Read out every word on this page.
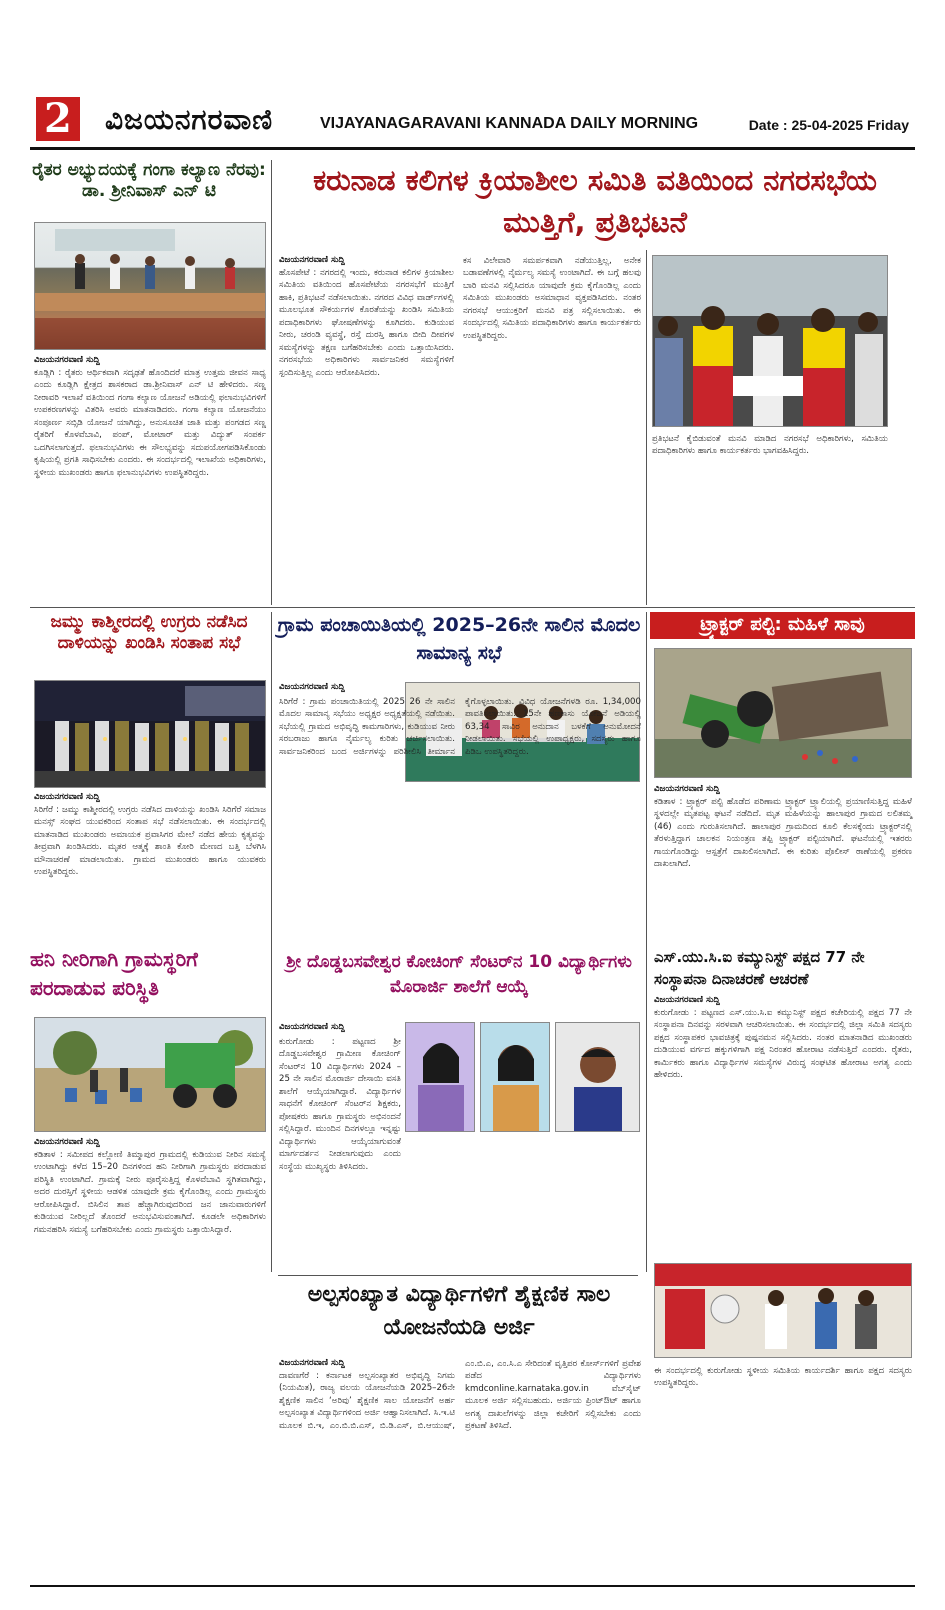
2 ವಿಜಯನಗರವಾಣಿ	VIJAYANAGARAVANI KANNADA DAILY MORNING	Date : 25-04-2025 Friday
ರೈತರ ಅಭ್ಯುದಯಕ್ಕೆ ಗಂಗಾ ಕಲ್ಯಾಣ ನೆರವು: ಡಾ. ಶ್ರೀನಿವಾಸ್ ಎನ್ ಟಿ
ವಿಜಯನಗರವಾಣಿ ಸುದ್ದಿ
ಕೂಡ್ಲಿಗಿ : ರೈತರು ಆರ್ಥಿಕವಾಗಿ ಸದೃಢತೆ ಹೊಂದಿದರೆ ಮಾತ್ರ ಉತ್ತಮ ಜೀವನ ಸಾಧ್ಯ ಎಂದು ಕೂಡ್ಲಿಗಿ ಕ್ಷೇತ್ರದ ಶಾಸಕರಾದ ಡಾ.ಶ್ರೀನಿವಾಸ್ ಎನ್ ಟಿ ಹೇಳಿದರು. ಸಣ್ಣ ನೀರಾವರಿ ಇಲಾಖೆ ವತಿಯಿಂದ ಗಂಗಾ ಕಲ್ಯಾಣ ಯೋಜನೆ ಅಡಿಯಲ್ಲಿ ಫಲಾನುಭವಿಗಳಿಗೆ ಉಪಕರಣಗಳನ್ನು ವಿತರಿಸಿ ಅವರು ಮಾತನಾಡಿದರು. ಗಂಗಾ ಕಲ್ಯಾಣ ಯೋಜನೆಯು ಸಂಪೂರ್ಣ ಸಬ್ಸಿಡಿ ಯೋಜನೆ ಯಾಗಿದ್ದು, ಅನುಸೂಚಿತ ಜಾತಿ ಮತ್ತು ಪಂಗಡದ ಸಣ್ಣ ರೈತರಿಗೆ ಕೊಳವೆಬಾವಿ, ಪಂಪ್, ಮೋಟಾರ್ ಮತ್ತು ವಿದ್ಯುತ್ ಸಂಪರ್ಕ ಒದಗಿಸಲಾಗುತ್ತದೆ. ಫಲಾನುಭವಿಗಳು ಈ ಸೌಲಭ್ಯವನ್ನು ಸದುಪಯೋಗಪಡಿಸಿಕೊಂಡು ಕೃಷಿಯಲ್ಲಿ ಪ್ರಗತಿ ಸಾಧಿಸಬೇಕು ಎಂದರು. ಈ ಸಂದರ್ಭದಲ್ಲಿ ಇಲಾಖೆಯ ಅಧಿಕಾರಿಗಳು, ಸ್ಥಳೀಯ ಮುಖಂಡರು ಹಾಗೂ ಫಲಾನುಭವಿಗಳು ಉಪಸ್ಥಿತರಿದ್ದರು.
ಕರುನಾಡ ಕಲಿಗಳ ಕ್ರಿಯಾಶೀಲ ಸಮಿತಿ ವತಿಯಿಂದ ನಗರಸಭೆಯ ಮುತ್ತಿಗೆ, ಪ್ರತಿಭಟನೆ
ವಿಜಯನಗರವಾಣಿ ಸುದ್ದಿ
ಹೊಸಪೇಟೆ : ನಗರದಲ್ಲಿ ಇಂದು, ಕರುನಾಡ ಕಲಿಗಳ ಕ್ರಿಯಾಶೀಲ ಸಮಿತಿಯ ವತಿಯಿಂದ ಹೊಸಪೇಟೆಯ ನಗರಸಭೆಗೆ ಮುತ್ತಿಗೆ ಹಾಕಿ, ಪ್ರತಿಭಟನೆ ನಡೆಸಲಾಯಿತು. ನಗರದ ವಿವಿಧ ವಾರ್ಡ್‌ಗಳಲ್ಲಿ ಮೂಲಭೂತ ಸೌಕರ್ಯಗಳ ಕೊರತೆಯನ್ನು ಖಂಡಿಸಿ ಸಮಿತಿಯ ಪದಾಧಿಕಾರಿಗಳು ಘೋಷಣೆಗಳನ್ನು ಕೂಗಿದರು. ಕುಡಿಯುವ ನೀರು, ಚರಂಡಿ ವ್ಯವಸ್ಥೆ, ರಸ್ತೆ ದುರಸ್ತಿ ಹಾಗೂ ಬೀದಿ ದೀಪಗಳ ಸಮಸ್ಯೆಗಳನ್ನು ತಕ್ಷಣ ಬಗೆಹರಿಸಬೇಕು ಎಂದು ಒತ್ತಾಯಿಸಿದರು. ನಗರಸಭೆಯ ಅಧಿಕಾರಿಗಳು ಸಾರ್ವಜನಿಕರ ಸಮಸ್ಯೆಗಳಿಗೆ ಸ್ಪಂದಿಸುತ್ತಿಲ್ಲ ಎಂದು ಆರೋಪಿಸಿದರು.
ಕಸ ವಿಲೇವಾರಿ ಸಮರ್ಪಕವಾಗಿ ನಡೆಯುತ್ತಿಲ್ಲ, ಅನೇಕ ಬಡಾವಣೆಗಳಲ್ಲಿ ನೈರ್ಮಲ್ಯ ಸಮಸ್ಯೆ ಉಂಟಾಗಿದೆ. ಈ ಬಗ್ಗೆ ಹಲವು ಬಾರಿ ಮನವಿ ಸಲ್ಲಿಸಿದರೂ ಯಾವುದೇ ಕ್ರಮ ಕೈಗೊಂಡಿಲ್ಲ ಎಂದು ಸಮಿತಿಯ ಮುಖಂಡರು ಅಸಮಾಧಾನ ವ್ಯಕ್ತಪಡಿಸಿದರು. ನಂತರ ನಗರಸಭೆ ಆಯುಕ್ತರಿಗೆ ಮನವಿ ಪತ್ರ ಸಲ್ಲಿಸಲಾಯಿತು. ಈ ಸಂದರ್ಭದಲ್ಲಿ ಸಮಿತಿಯ ಪದಾಧಿಕಾರಿಗಳು ಹಾಗೂ ಕಾರ್ಯಕರ್ತರು ಉಪಸ್ಥಿತರಿದ್ದರು.
ಪ್ರತಿಭಟನೆ ಕೈಬಿಡುವಂತೆ ಮನವಿ ಮಾಡಿದ ನಗರಸಭೆ ಅಧಿಕಾರಿಗಳು, ಸಮಿತಿಯ ಪದಾಧಿಕಾರಿಗಳು ಹಾಗೂ ಕಾರ್ಯಕರ್ತರು ಭಾಗವಹಿಸಿದ್ದರು.
ಜಮ್ಮು ಕಾಶ್ಮೀರದಲ್ಲಿ ಉಗ್ರರು ನಡೆಸಿದ ದಾಳಿಯನ್ನು ಖಂಡಿಸಿ ಸಂತಾಪ ಸಭೆ
ವಿಜಯನಗರವಾಣಿ ಸುದ್ದಿ
ಸಿರಿಗೆರೆ : ಜಮ್ಮು ಕಾಶ್ಮೀರದಲ್ಲಿ ಉಗ್ರರು ನಡೆಸಿದ ದಾಳಿಯನ್ನು ಖಂಡಿಸಿ ಸಿರಿಗೆರೆ ಸಮಾಜ ಮನಸ್ಸ್ ಸಂಘದ ಯುವಕರಿಂದ ಸಂತಾಪ ಸಭೆ ನಡೆಸಲಾಯಿತು. ಈ ಸಂದರ್ಭದಲ್ಲಿ ಮಾತನಾಡಿದ ಮುಖಂಡರು ಅಮಾಯಕ ಪ್ರವಾಸಿಗರ ಮೇಲೆ ನಡೆದ ಹೇಯ ಕೃತ್ಯವನ್ನು ತೀವ್ರವಾಗಿ ಖಂಡಿಸಿದರು. ಮೃತರ ಆತ್ಮಕ್ಕೆ ಶಾಂತಿ ಕೋರಿ ಮೇಣದ ಬತ್ತಿ ಬೆಳಗಿಸಿ ಮೌನಾಚರಣೆ ಮಾಡಲಾಯಿತು. ಗ್ರಾಮದ ಮುಖಂಡರು ಹಾಗೂ ಯುವಕರು ಉಪಸ್ಥಿತರಿದ್ದರು.
ಗ್ರಾಮ ಪಂಚಾಯಿತಿಯಲ್ಲಿ 2025–26ನೇ ಸಾಲಿನ ಮೊದಲ ಸಾಮಾನ್ಯ ಸಭೆ
ವಿಜಯನಗರವಾಣಿ ಸುದ್ದಿ
ಸಿರಿಗೆರೆ : ಗ್ರಾಮ ಪಂಚಾಯಿತಿಯಲ್ಲಿ 2025 26 ನೇ ಸಾಲಿನ ಮೊದಲ ಸಾಮಾನ್ಯ ಸಭೆಯು ಅಧ್ಯಕ್ಷರ ಅಧ್ಯಕ್ಷತೆಯಲ್ಲಿ ನಡೆಯಿತು. ಸಭೆಯಲ್ಲಿ ಗ್ರಾಮದ ಅಭಿವೃದ್ಧಿ ಕಾಮಗಾರಿಗಳು, ಕುಡಿಯುವ ನೀರು ಸರಬರಾಜು ಹಾಗೂ ನೈರ್ಮಲ್ಯ ಕುರಿತು ಚರ್ಚಿಸಲಾಯಿತು. ಸಾರ್ವಜನಿಕರಿಂದ ಬಂದ ಅರ್ಜಿಗಳನ್ನು ಪರಿಶೀಲಿಸಿ ತೀರ್ಮಾನ ಕೈಗೊಳ್ಳಲಾಯಿತು. ವಿವಿಧ ಯೋಜನೆಗಳಡಿ ರೂ. 1,34,000 ಪಾವತಿಸಲಾಯಿತು. 15ನೇ ಹಣಕಾಸು ಯೋಜನೆ ಅಡಿಯಲ್ಲಿ 63,34 ಸಾವಿರ ಅನುದಾನ ಬಳಕೆಗೆ ಅನುಮೋದನೆ ನೀಡಲಾಯಿತು. ಸಭೆಯಲ್ಲಿ ಉಪಾಧ್ಯಕ್ಷರು, ಸದಸ್ಯರು ಹಾಗೂ ಪಿಡಿಒ ಉಪಸ್ಥಿತರಿದ್ದರು.
ಟ್ರ್ಯಾಕ್ಟರ್ ಪಲ್ಟಿ: ಮಹಿಳೆ ಸಾವು
ವಿಜಯನಗರವಾಣಿ ಸುದ್ದಿ
ಕಡಿತಾಳ : ಟ್ರ್ಯಾಕ್ಟರ್ ಪಲ್ಟಿ ಹೊಡೆದ ಪರಿಣಾಮ ಟ್ರ್ಯಾಕ್ಟರ್ ಟ್ರ್ಯಾಲಿಯಲ್ಲಿ ಪ್ರಯಾಣಿಸುತ್ತಿದ್ದ ಮಹಿಳೆ ಸ್ಥಳದಲ್ಲೇ ಮೃತಪಟ್ಟ ಘಟನೆ ನಡೆದಿದೆ. ಮೃತ ಮಹಿಳೆಯನ್ನು ಹಾಲಾಪುರ ಗ್ರಾಮದ ಲಲಿತಮ್ಮ (46) ಎಂದು ಗುರುತಿಸಲಾಗಿದೆ. ಹಾಲಾಪುರ ಗ್ರಾಮದಿಂದ ಕೂಲಿ ಕೆಲಸಕ್ಕೆಂದು ಟ್ರ್ಯಾಕ್ಟರ್‌ನಲ್ಲಿ ತೆರಳುತ್ತಿದ್ದಾಗ ಚಾಲಕನ ನಿಯಂತ್ರಣ ತಪ್ಪಿ ಟ್ರ್ಯಾಕ್ಟರ್ ಪಲ್ಟಿಯಾಗಿದೆ. ಘಟನೆಯಲ್ಲಿ ಇತರರು ಗಾಯಗೊಂಡಿದ್ದು ಆಸ್ಪತ್ರೆಗೆ ದಾಖಲಿಸಲಾಗಿದೆ. ಈ ಕುರಿತು ಪೊಲೀಸ್ ಠಾಣೆಯಲ್ಲಿ ಪ್ರಕರಣ ದಾಖಲಾಗಿದೆ.
ಹನಿ ನೀರಿಗಾಗಿ ಗ್ರಾಮಸ್ಥರಿಗೆ ಪರದಾಡುವ ಪರಿಸ್ಥಿತಿ
ವಿಜಯನಗರವಾಣಿ ಸುದ್ದಿ
ಕಡಿತಾಳ : ಸಮೀಪದ ಕಲ್ಲೋಣಿ ತಿಮ್ಮಾಪುರ ಗ್ರಾಮದಲ್ಲಿ ಕುಡಿಯುವ ನೀರಿನ ಸಮಸ್ಯೆ ಉಂಟಾಗಿದ್ದು ಕಳೆದ 15–20 ದಿನಗಳಿಂದ ಹನಿ ನೀರಿಗಾಗಿ ಗ್ರಾಮಸ್ಥರು ಪರದಾಡುವ ಪರಿಸ್ಥಿತಿ ಉಂಟಾಗಿದೆ. ಗ್ರಾಮಕ್ಕೆ ನೀರು ಪೂರೈಸುತ್ತಿದ್ದ ಕೊಳವೆಬಾವಿ ಸ್ಥಗಿತವಾಗಿದ್ದು, ಅದರ ದುರಸ್ತಿಗೆ ಸ್ಥಳೀಯ ಆಡಳಿತ ಯಾವುದೇ ಕ್ರಮ ಕೈಗೊಂಡಿಲ್ಲ ಎಂದು ಗ್ರಾಮಸ್ಥರು ಆರೋಪಿಸಿದ್ದಾರೆ. ಬಿಸಿಲಿನ ತಾಪ ಹೆಚ್ಚಾಗಿರುವುದರಿಂದ ಜನ ಜಾನುವಾರುಗಳಿಗೆ ಕುಡಿಯುವ ನೀರಿಲ್ಲದೆ ತೊಂದರೆ ಅನುಭವಿಸುವಂತಾಗಿದೆ. ಕೂಡಲೇ ಅಧಿಕಾರಿಗಳು ಗಮನಹರಿಸಿ ಸಮಸ್ಯೆ ಬಗೆಹರಿಸಬೇಕು ಎಂದು ಗ್ರಾಮಸ್ಥರು ಒತ್ತಾಯಿಸಿದ್ದಾರೆ.
ಶ್ರೀ ದೊಡ್ಡಬಸವೇಶ್ವರ ಕೋಚಿಂಗ್ ಸೆಂಟರ್‌ನ 10 ವಿದ್ಯಾರ್ಥಿಗಳು ಮೊರಾರ್ಜಿ ಶಾಲೆಗೆ ಆಯ್ಕೆ
ವಿಜಯನಗರವಾಣಿ ಸುದ್ದಿ
ಕುರುಗೋಡು : ಪಟ್ಟಣದ ಶ್ರೀ ದೊಡ್ಡಬಸವೇಶ್ವರ ಗ್ರಾಮೀಣ ಕೋಚಿಂಗ್ ಸೆಂಟರ್‌ನ 10 ವಿದ್ಯಾರ್ಥಿಗಳು 2024 – 25 ನೇ ಸಾಲಿನ ಮೊರಾರ್ಜಿ ದೇಸಾಯಿ ವಸತಿ ಶಾಲೆಗೆ ಆಯ್ಕೆಯಾಗಿದ್ದಾರೆ. ವಿದ್ಯಾರ್ಥಿಗಳ ಸಾಧನೆಗೆ ಕೋಚಿಂಗ್ ಸೆಂಟರ್‌ನ ಶಿಕ್ಷಕರು, ಪೋಷಕರು ಹಾಗೂ ಗ್ರಾಮಸ್ಥರು ಅಭಿನಂದನೆ ಸಲ್ಲಿಸಿದ್ದಾರೆ. ಮುಂದಿನ ದಿನಗಳಲ್ಲೂ ಇನ್ನಷ್ಟು ವಿದ್ಯಾರ್ಥಿಗಳು ಆಯ್ಕೆಯಾಗುವಂತೆ ಮಾರ್ಗದರ್ಶನ ನೀಡಲಾಗುವುದು ಎಂದು ಸಂಸ್ಥೆಯ ಮುಖ್ಯಸ್ಥರು ತಿಳಿಸಿದರು.
ಎಸ್.ಯು.ಸಿ.ಐ ಕಮ್ಯುನಿಸ್ಟ್ ಪಕ್ಷದ 77 ನೇ ಸಂಸ್ಥಾಪನಾ ದಿನಾಚರಣೆ ಆಚರಣೆ
ವಿಜಯನಗರವಾಣಿ ಸುದ್ದಿ
ಕುರುಗೋಡು : ಪಟ್ಟಣದ ಎಸ್.ಯು.ಸಿ.ಐ ಕಮ್ಯುನಿಸ್ಟ್ ಪಕ್ಷದ ಕಚೇರಿಯಲ್ಲಿ ಪಕ್ಷದ 77 ನೇ ಸಂಸ್ಥಾಪನಾ ದಿನವನ್ನು ಸರಳವಾಗಿ ಆಚರಿಸಲಾಯಿತು. ಈ ಸಂದರ್ಭದಲ್ಲಿ ಜಿಲ್ಲಾ ಸಮಿತಿ ಸದಸ್ಯರು ಪಕ್ಷದ ಸಂಸ್ಥಾಪಕರ ಭಾವಚಿತ್ರಕ್ಕೆ ಪುಷ್ಪನಮನ ಸಲ್ಲಿಸಿದರು. ನಂತರ ಮಾತನಾಡಿದ ಮುಖಂಡರು ದುಡಿಯುವ ವರ್ಗದ ಹಕ್ಕುಗಳಿಗಾಗಿ ಪಕ್ಷ ನಿರಂತರ ಹೋರಾಟ ನಡೆಸುತ್ತಿದೆ ಎಂದರು. ರೈತರು, ಕಾರ್ಮಿಕರು ಹಾಗೂ ವಿದ್ಯಾರ್ಥಿಗಳ ಸಮಸ್ಯೆಗಳ ವಿರುದ್ಧ ಸಂಘಟಿತ ಹೋರಾಟ ಅಗತ್ಯ ಎಂದು ಹೇಳಿದರು.
ಈ ಸಂದರ್ಭದಲ್ಲಿ ಕುರುಗೋಡು ಸ್ಥಳೀಯ ಸಮಿತಿಯ ಕಾರ್ಯದರ್ಶಿ ಹಾಗೂ ಪಕ್ಷದ ಸದಸ್ಯರು ಉಪಸ್ಥಿತರಿದ್ದರು.
ಅಲ್ಪಸಂಖ್ಯಾತ ವಿದ್ಯಾರ್ಥಿಗಳಿಗೆ ಶೈಕ್ಷಣಿಕ ಸಾಲ ಯೋಜನೆಯಡಿ ಅರ್ಜಿ
ವಿಜಯನಗರವಾಣಿ ಸುದ್ದಿ
ದಾವಣಗೆರೆ : ಕರ್ನಾಟಕ ಅಲ್ಪಸಂಖ್ಯಾತರ ಅಭಿವೃದ್ಧಿ ನಿಗಮ (ನಿಯಮಿತ), ರಾಜ್ಯ ವಲಯ ಯೋಜನೆಯಡಿ 2025–26ನೇ ಶೈಕ್ಷಣಿಕ ಸಾಲಿನ ‘ಅರಿವು’ ಶೈಕ್ಷಣಿಕ ಸಾಲ ಯೋಜನೆಗೆ ಅರ್ಹ ಅಲ್ಪಸಂಖ್ಯಾತ ವಿದ್ಯಾರ್ಥಿಗಳಿಂದ ಅರ್ಜಿ ಆಹ್ವಾನಿಸಲಾಗಿದೆ. ಸಿ.ಇ.ಟಿ ಮೂಲಕ ಬಿ.ಇ, ಎಂ.ಬಿ.ಬಿ.ಎಸ್, ಬಿ.ಡಿ.ಎಸ್, ಬಿ.ಆಯುಷ್, ಎಂ.ಬಿ.ಎ, ಎಂ.ಸಿ.ಎ ಸೇರಿದಂತೆ ವೃತ್ತಿಪರ ಕೋರ್ಸ್‌ಗಳಿಗೆ ಪ್ರವೇಶ ಪಡೆದ ವಿದ್ಯಾರ್ಥಿಗಳು kmdconline.karnataka.gov.in ವೆಬ್‌ಸೈಟ್ ಮೂಲಕ ಅರ್ಜಿ ಸಲ್ಲಿಸಬಹುದು. ಅರ್ಜಿಯ ಪ್ರಿಂಟ್‌ಔಟ್ ಹಾಗೂ ಅಗತ್ಯ ದಾಖಲೆಗಳನ್ನು ಜಿಲ್ಲಾ ಕಚೇರಿಗೆ ಸಲ್ಲಿಸಬೇಕು ಎಂದು ಪ್ರಕಟಣೆ ತಿಳಿಸಿದೆ.
